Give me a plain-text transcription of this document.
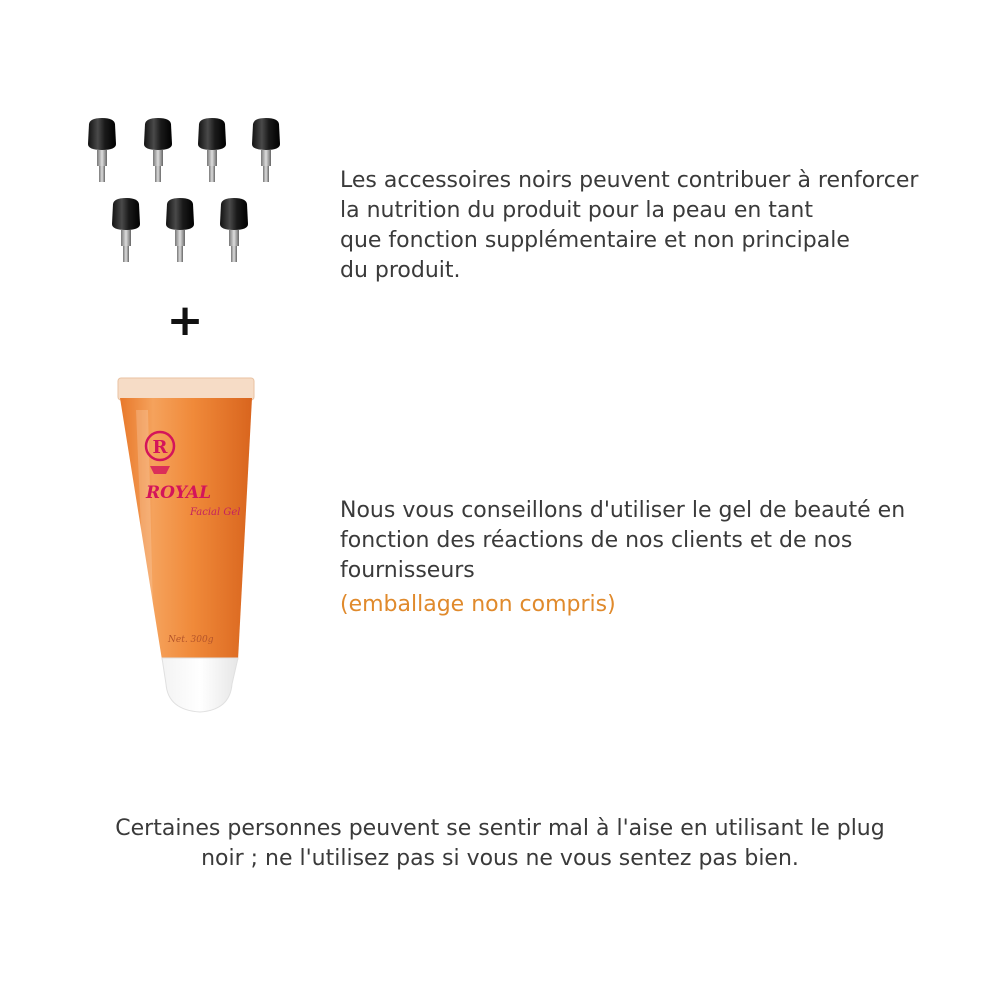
+
R
ROYAL
Facial Gel
Net. 300g
Les accessoires noirs peuvent contribuer à renforcer
la nutrition du produit pour la peau en tant
que fonction supplémentaire et non principale
du produit.
Nous vous conseillons d'utiliser le gel de beauté en
fonction des réactions de nos clients et de nos
fournisseurs
(emballage non compris)
Certaines personnes peuvent se sentir mal à l'aise en utilisant le plug
noir ; ne l'utilisez pas si vous ne vous sentez pas bien.
